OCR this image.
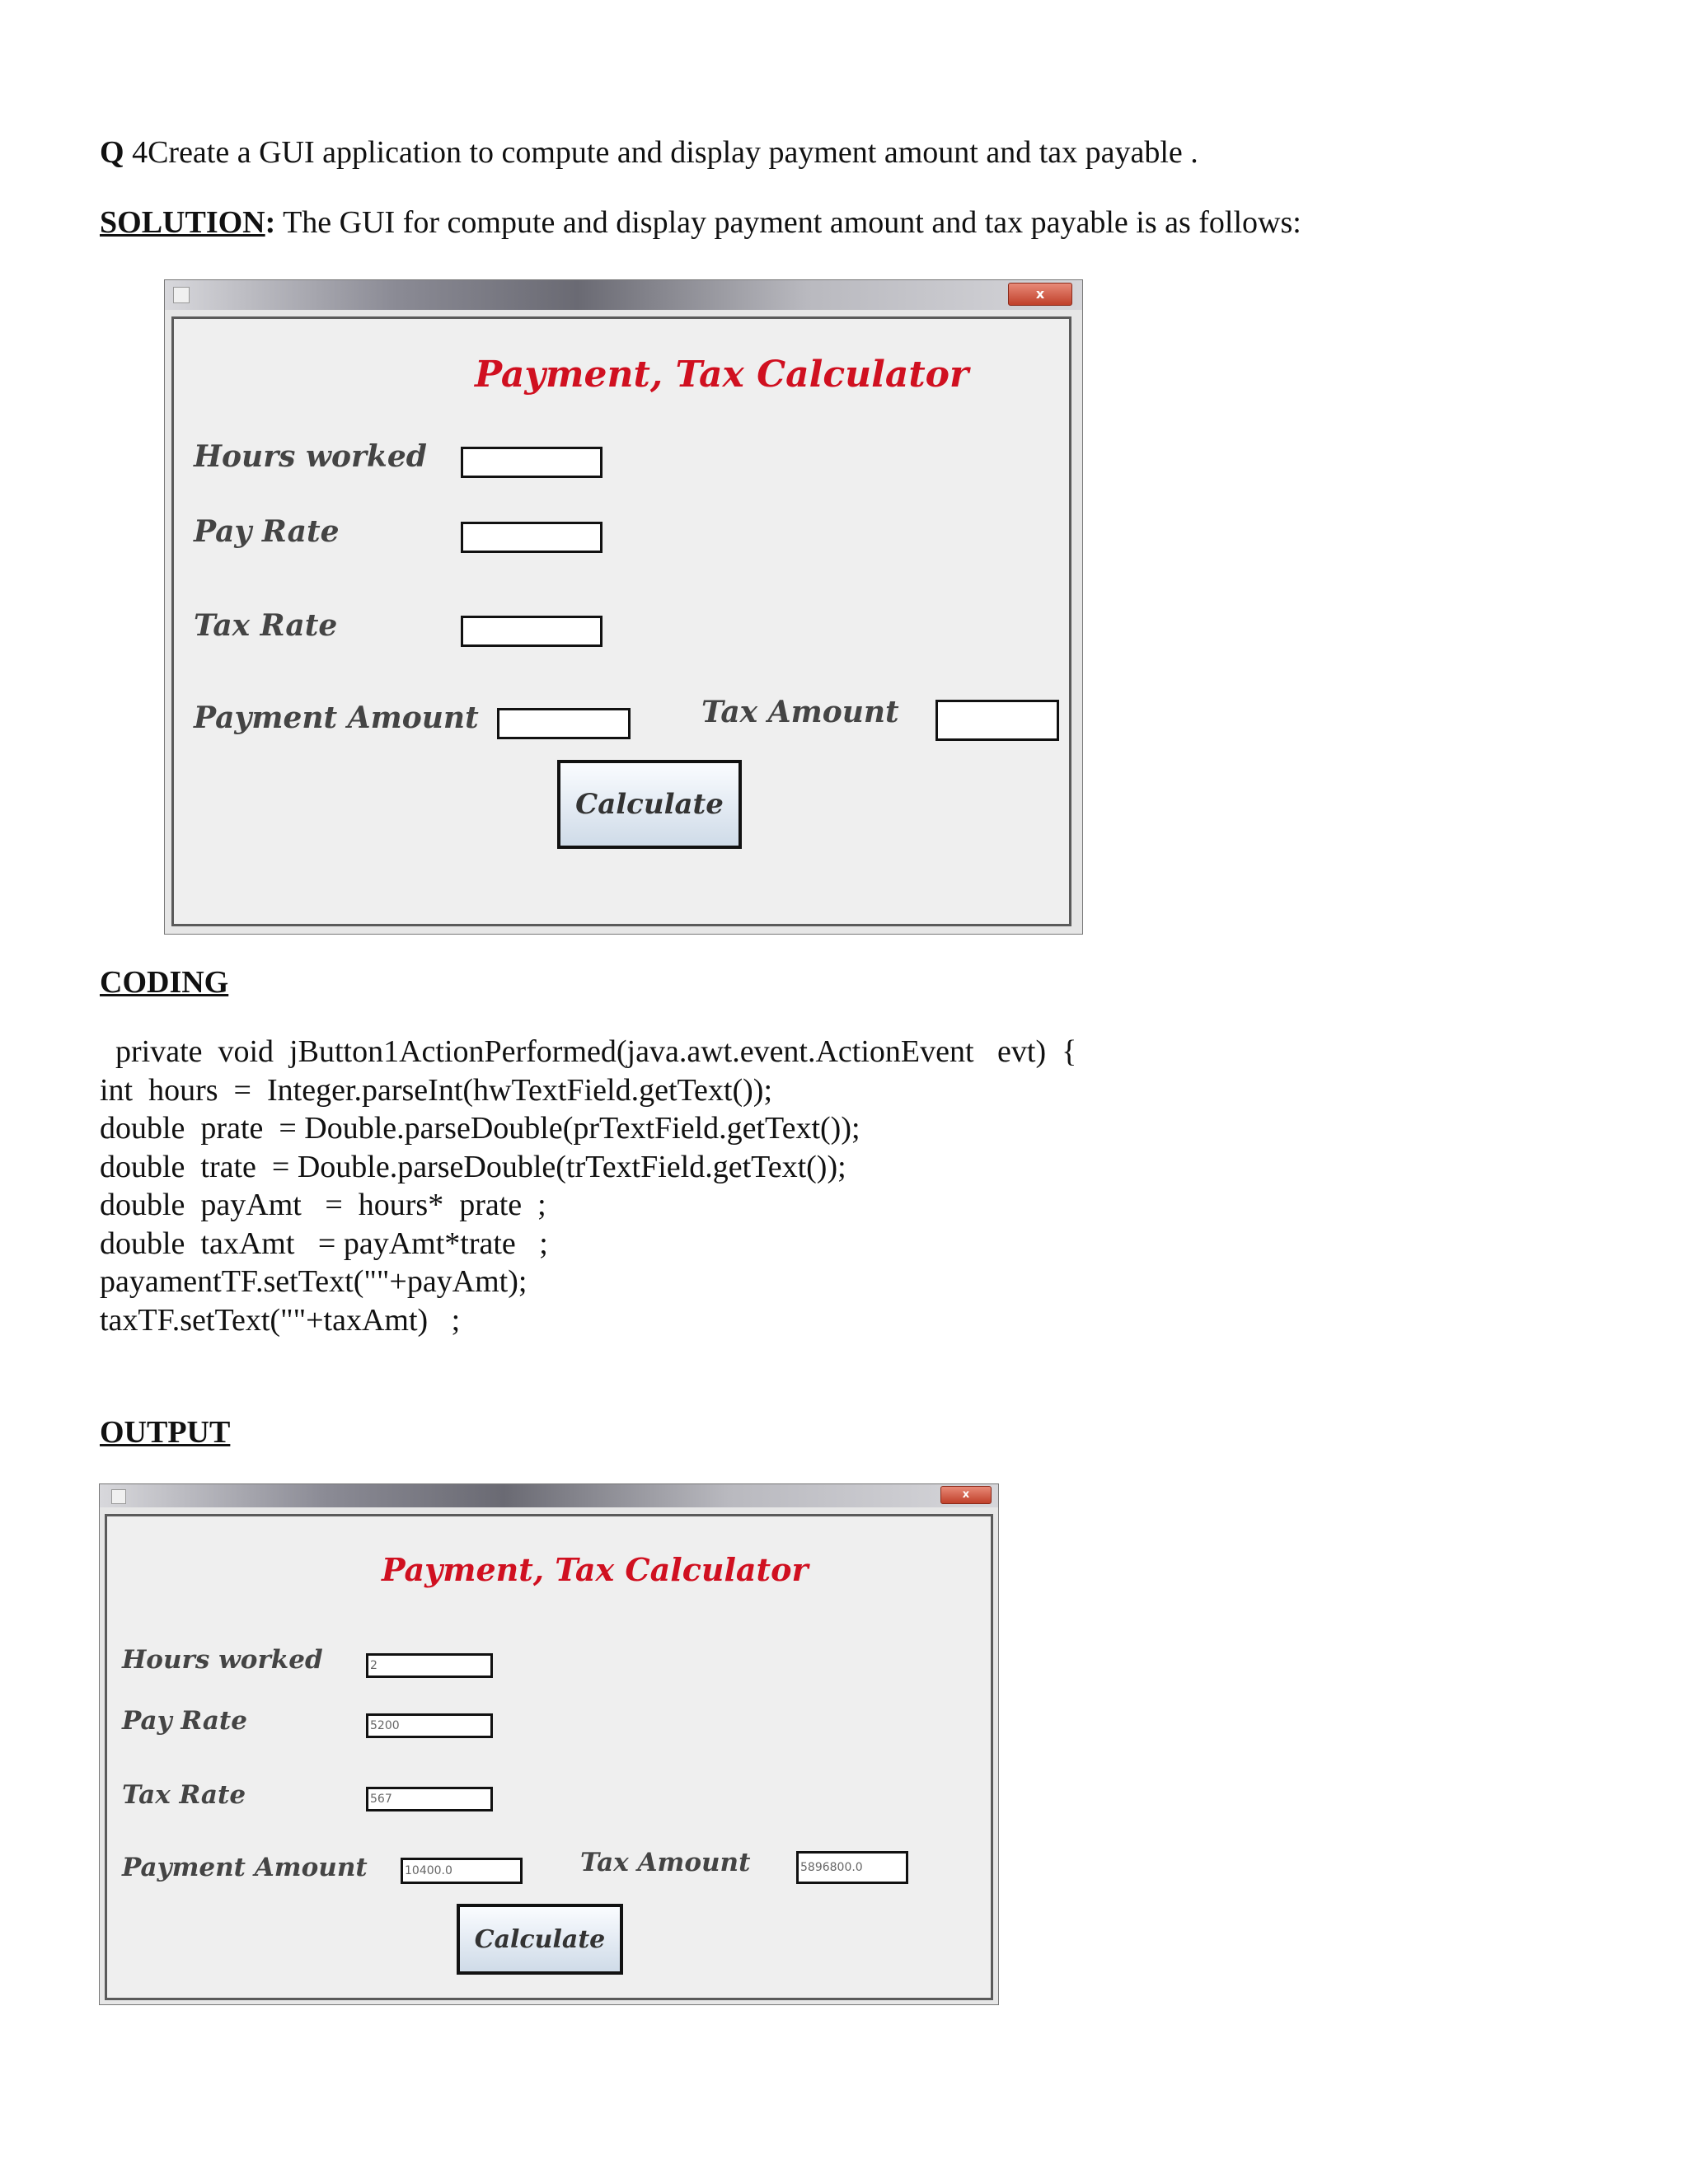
Q 4Create a GUI application to compute and display payment amount and tax payable .
SOLUTION: The GUI for compute and display payment amount and tax payable is as follows:
x
Payment, Tax Calculator
Hours worked
Pay Rate
Tax Rate
Payment Amount	Tax Amount
Calculate
CODING
private  void  jButton1ActionPerformed(java.awt.event.ActionEvent   evt)  {
int  hours  =  Integer.parseInt(hwTextField.getText());
double  prate  = Double.parseDouble(prTextField.getText());
double  trate  = Double.parseDouble(trTextField.getText());
double  payAmt   =  hours*  prate  ;
double  taxAmt   = payAmt*trate   ;
payamentTF.setText(""+payAmt);
taxTF.setText(""+taxAmt)   ;
OUTPUT
x
Payment, Tax Calculator
Hours worked	2
Pay Rate	5200
Tax Rate	567
Payment Amount	10400.0	Tax Amount	5896800.0
Calculate
